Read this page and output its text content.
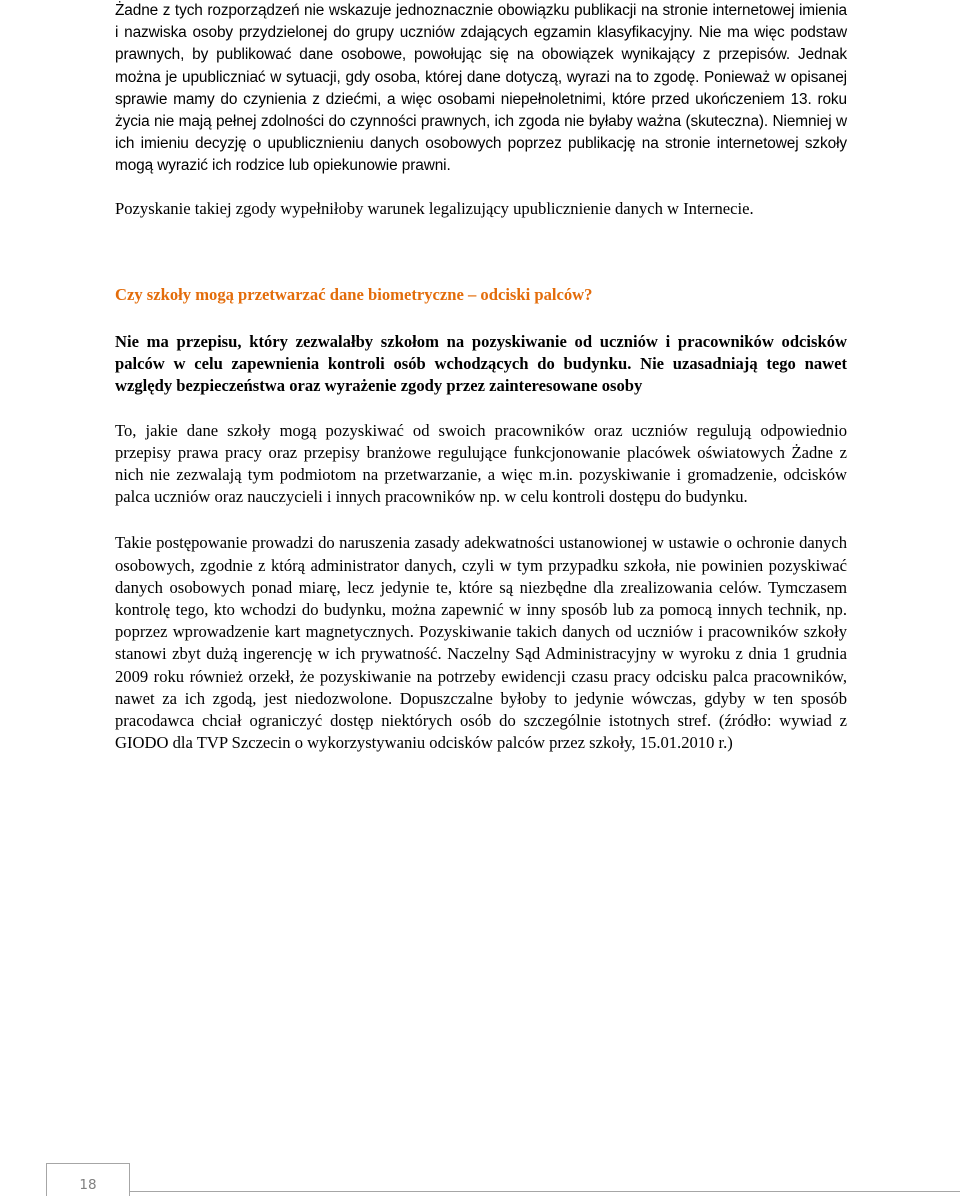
Żadne z tych rozporządzeń nie wskazuje jednoznacznie obowiązku publikacji na stronie internetowej imienia i nazwiska osoby przydzielonej do grupy uczniów zdających egzamin klasyfikacyjny. Nie ma więc podstaw prawnych, by publikować dane osobowe, powołując się na obowiązek wynikający z przepisów. Jednak można je upubliczniać w sytuacji, gdy osoba, której dane dotyczą, wyrazi na to zgodę. Ponieważ w opisanej sprawie mamy do czynienia z dziećmi, a więc osobami niepełnoletnimi, które przed ukończeniem 13. roku życia nie mają pełnej zdolności do czynności prawnych, ich zgoda nie byłaby ważna (skuteczna). Niemniej w ich imieniu decyzję o upublicznieniu danych osobowych poprzez publikację na stronie internetowej szkoły mogą wyrazić ich rodzice lub opiekunowie prawni.

Pozyskanie takiej zgody wypełniłoby warunek legalizujący upublicznienie danych w Internecie.

Czy szkoły mogą przetwarzać dane biometryczne – odciski palców?

Nie ma przepisu, który zezwalałby szkołom na pozyskiwanie od uczniów i pracowników odcisków palców w celu zapewnienia kontroli osób wchodzących do budynku. Nie uzasadniają tego nawet względy bezpieczeństwa oraz wyrażenie zgody przez zainteresowane osoby

To, jakie dane szkoły mogą pozyskiwać od swoich pracowników oraz uczniów regulują odpowiednio przepisy prawa pracy oraz przepisy branżowe regulujące funkcjonowanie placówek oświatowych Żadne z nich nie zezwalają tym podmiotom na przetwarzanie, a więc m.in. pozyskiwanie i gromadzenie, odcisków palca uczniów oraz nauczycieli i innych pracowników np. w celu kontroli dostępu do budynku.

Takie postępowanie prowadzi do naruszenia zasady adekwatności ustanowionej w ustawie o ochronie danych osobowych, zgodnie z którą administrator danych, czyli w tym przypadku szkoła, nie powinien pozyskiwać danych osobowych ponad miarę, lecz jedynie te, które są niezbędne dla zrealizowania celów. Tymczasem kontrolę tego, kto wchodzi do budynku, można zapewnić w inny sposób lub za pomocą innych technik, np. poprzez wprowadzenie kart magnetycznych. Pozyskiwanie takich danych od uczniów i pracowników szkoły stanowi zbyt dużą ingerencję w ich prywatność. Naczelny Sąd Administracyjny w wyroku z dnia 1 grudnia 2009 roku również orzekł, że pozyskiwanie na potrzeby ewidencji czasu pracy odcisku palca pracowników, nawet za ich zgodą, jest niedozwolone. Dopuszczalne byłoby to jedynie wówczas, gdyby w ten sposób pracodawca chciał ograniczyć dostęp niektórych osób do szczególnie istotnych stref. (źródło: wywiad z GIODO dla TVP Szczecin o wykorzystywaniu odcisków palców przez szkoły, 15.01.2010 r.)

18
